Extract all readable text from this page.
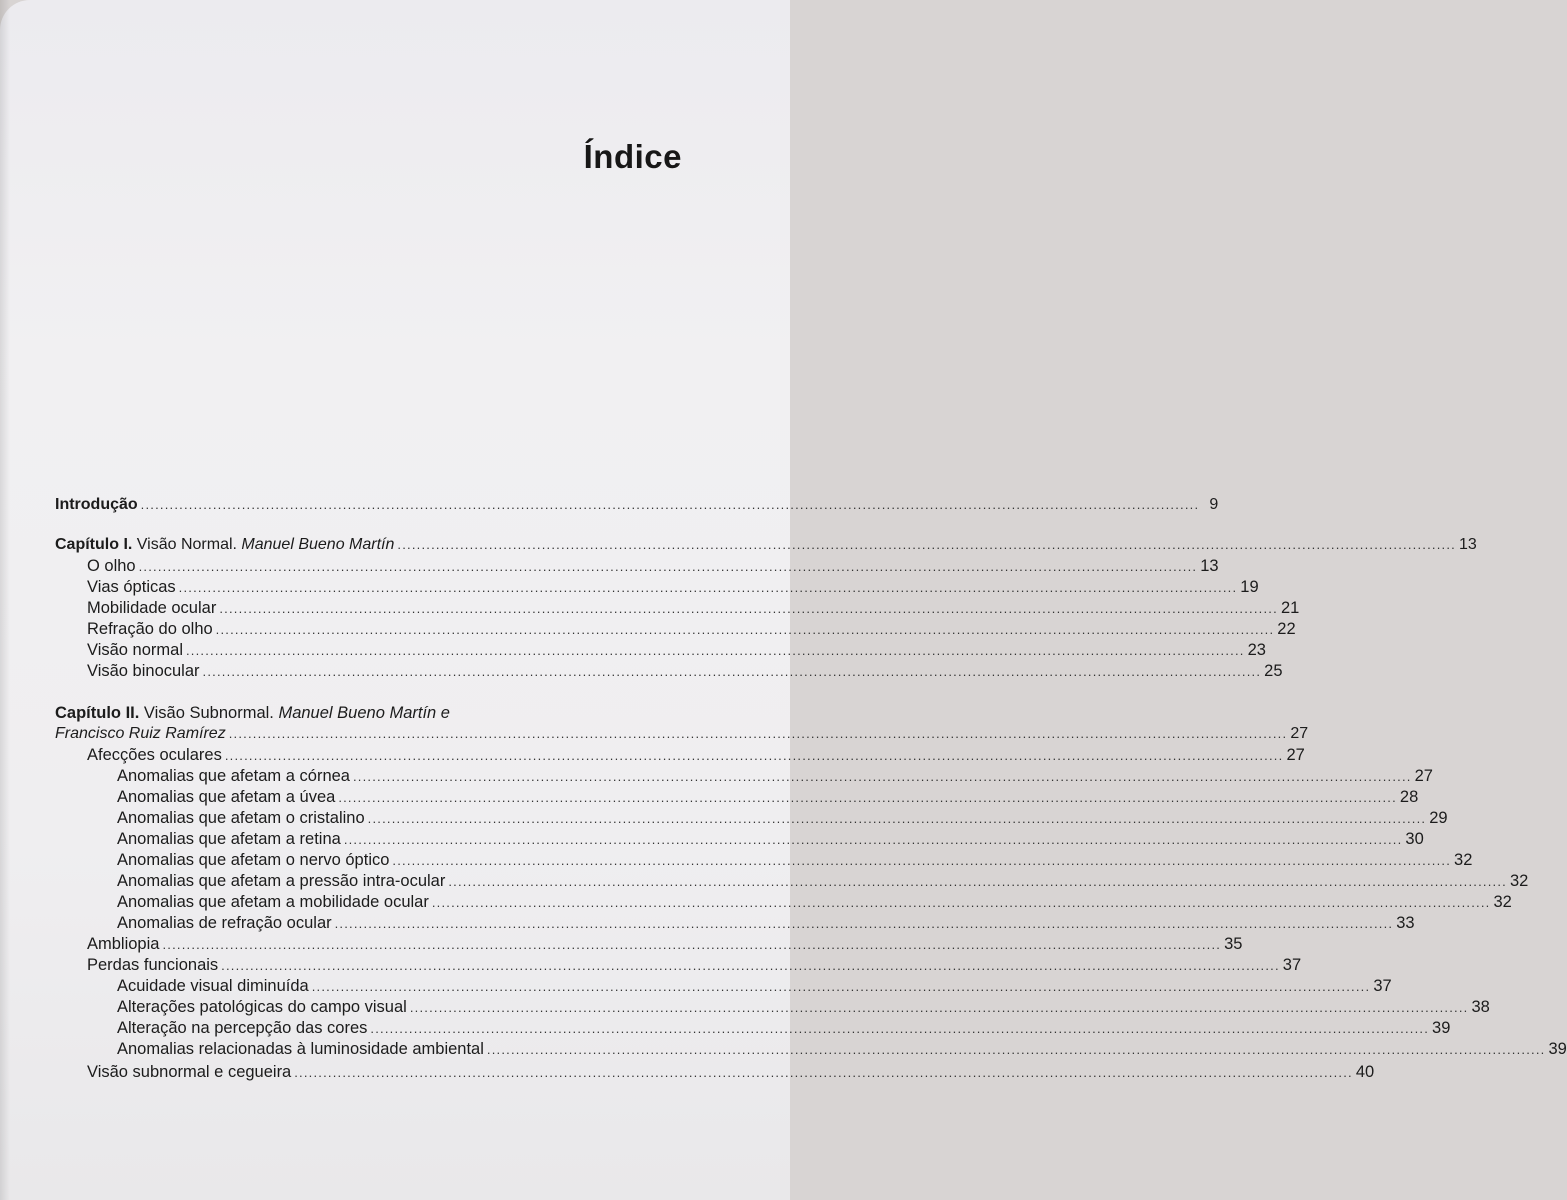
Índice
Capítulo II. Visão Subnormal. Manuel Bueno Martín e
Introdução ............................................................................................................................................................................................................................ 9
Capítulo I. Visão Normal. Manuel Bueno Martín ............................................................................................................................................................................................................................ 13
O olho ............................................................................................................................................................................................................................ 13
Vias ópticas ............................................................................................................................................................................................................................ 19
Mobilidade ocular ............................................................................................................................................................................................................................ 21
Refração do olho ............................................................................................................................................................................................................................ 22
Visão normal ............................................................................................................................................................................................................................ 23
Visão binocular ............................................................................................................................................................................................................................ 25
Francisco Ruiz Ramírez ............................................................................................................................................................................................................................ 27
Afecções oculares ............................................................................................................................................................................................................................ 27
Anomalias que afetam a córnea ............................................................................................................................................................................................................................ 27
Anomalias que afetam a úvea ............................................................................................................................................................................................................................ 28
Anomalias que afetam o cristalino ............................................................................................................................................................................................................................ 29
Anomalias que afetam a retina ............................................................................................................................................................................................................................ 30
Anomalias que afetam o nervo óptico ............................................................................................................................................................................................................................ 32
Anomalias que afetam a pressão intra-ocular ............................................................................................................................................................................................................................ 32
Anomalias que afetam a mobilidade ocular ............................................................................................................................................................................................................................ 32
Anomalias de refração ocular ............................................................................................................................................................................................................................ 33
Ambliopia ............................................................................................................................................................................................................................ 35
Perdas funcionais ............................................................................................................................................................................................................................ 37
Acuidade visual diminuída ............................................................................................................................................................................................................................ 37
Alterações patológicas do campo visual ............................................................................................................................................................................................................................ 38
Alteração na percepção das cores ............................................................................................................................................................................................................................ 39
Anomalias relacionadas à luminosidade ambiental ............................................................................................................................................................................................................................ 39
Visão subnormal e cegueira ............................................................................................................................................................................................................................ 40
